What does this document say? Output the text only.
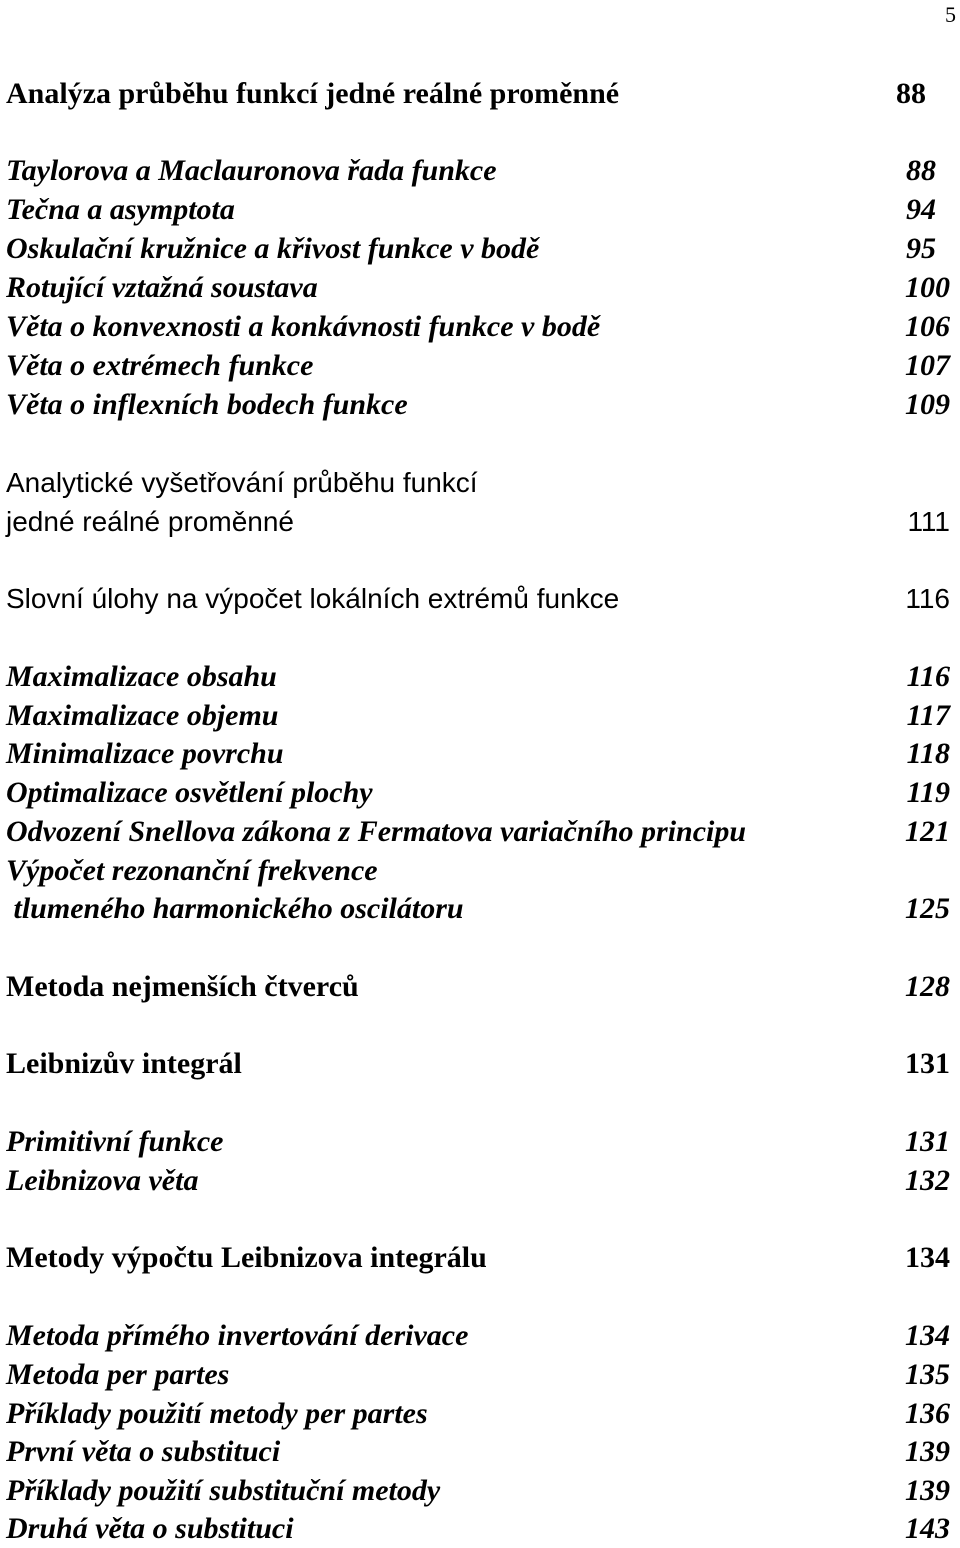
5
Analýza průběhu funkcí jedné reálné proměnné	88
Taylorova a Maclauronova řada funkce	88
Tečna a asymptota	94
Oskulační kružnice a křivost funkce v bodě	95
Rotující vztažná soustava	100
Věta o konvexnosti a konkávnosti funkce v bodě	106
Věta o extrémech funkce	107
Věta o inflexních bodech funkce	109
Analytické vyšetřování průběhu funkcí
jedné reálné proměnné	111
Slovní úlohy na výpočet lokálních extrémů funkce	116
Maximalizace obsahu	116
Maximalizace objemu	117
Minimalizace povrchu	118
Optimalizace osvětlení plochy	119
Odvození Snellova zákona z Fermatova variačního principu	121
Výpočet rezonanční frekvence
tlumeného harmonického oscilátoru	125
Metoda nejmenších čtverců	128
Leibnizův integrál	131
Primitivní funkce	131
Leibnizova věta	132
Metody výpočtu Leibnizova integrálu	134
Metoda přímého invertování derivace	134
Metoda per partes	135
Příklady použití metody per partes	136
První věta o substituci	139
Příklady použití substituční metody	139
Druhá věta o substituci	143
